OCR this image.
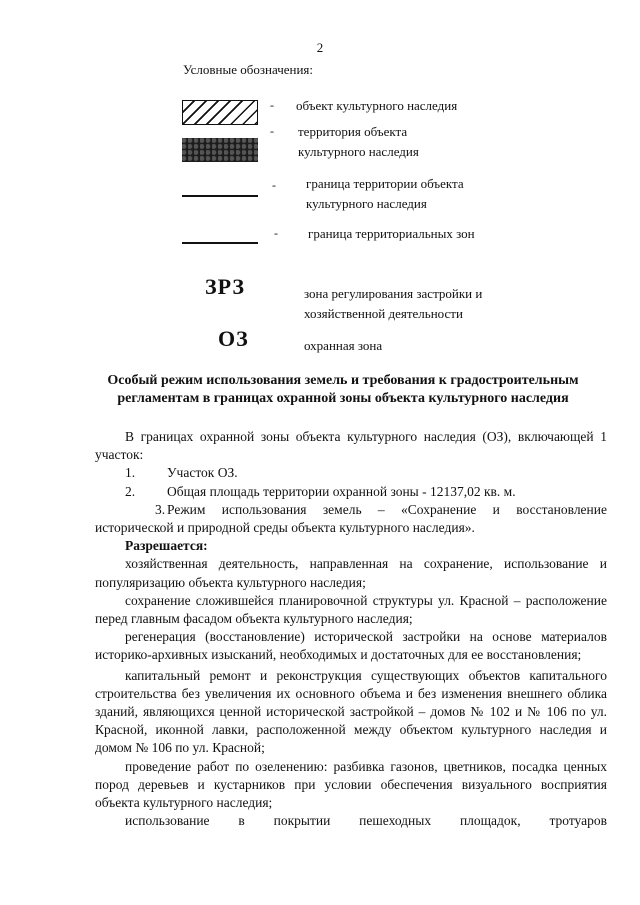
2
Условные обозначения:
- объект культурного наследия
- территория объекта культурного наследия
- граница территории объекта культурного наследия
- граница территориальных зон
ЗРЗ	зона регулирования застройки и хозяйственной деятельности
ОЗ	охранная зона
Особый режим использования земель и требования к градостроительным регламентам в границах охранной зоны объекта культурного наследия

В границах охранной зоны объекта культурного наследия (ОЗ), включающей 1 участок:

1. Участок ОЗ.

2. Общая площадь территории охранной зоны - 12137,02 кв. м.

3. Режим использования земель – «Сохранение и восстановление исторической и природной среды объекта культурного наследия».

Разрешается:

хозяйственная деятельность, направленная на сохранение, использование и популяризацию объекта культурного наследия;

сохранение сложившейся планировочной структуры ул. Красной – расположение перед главным фасадом объекта культурного наследия;

регенерация (восстановление) исторической застройки на основе материалов историко-архивных изысканий, необходимых и достаточных для ее восстановления;

капитальный ремонт и реконструкция существующих объектов капитального строительства без увеличения их основного объема и без изменения внешнего облика зданий, являющихся ценной исторической застройкой – домов № 102 и № 106 по ул. Красной, иконной лавки, расположенной между объектом культурного наследия и домом № 106 по ул. Красной;

проведение работ по озеленению: разбивка газонов, цветников, посадка ценных пород деревьев и кустарников при условии обеспечения визуального восприятия объекта культурного наследия;

использование в покрытии пешеходных площадок, тротуаров
